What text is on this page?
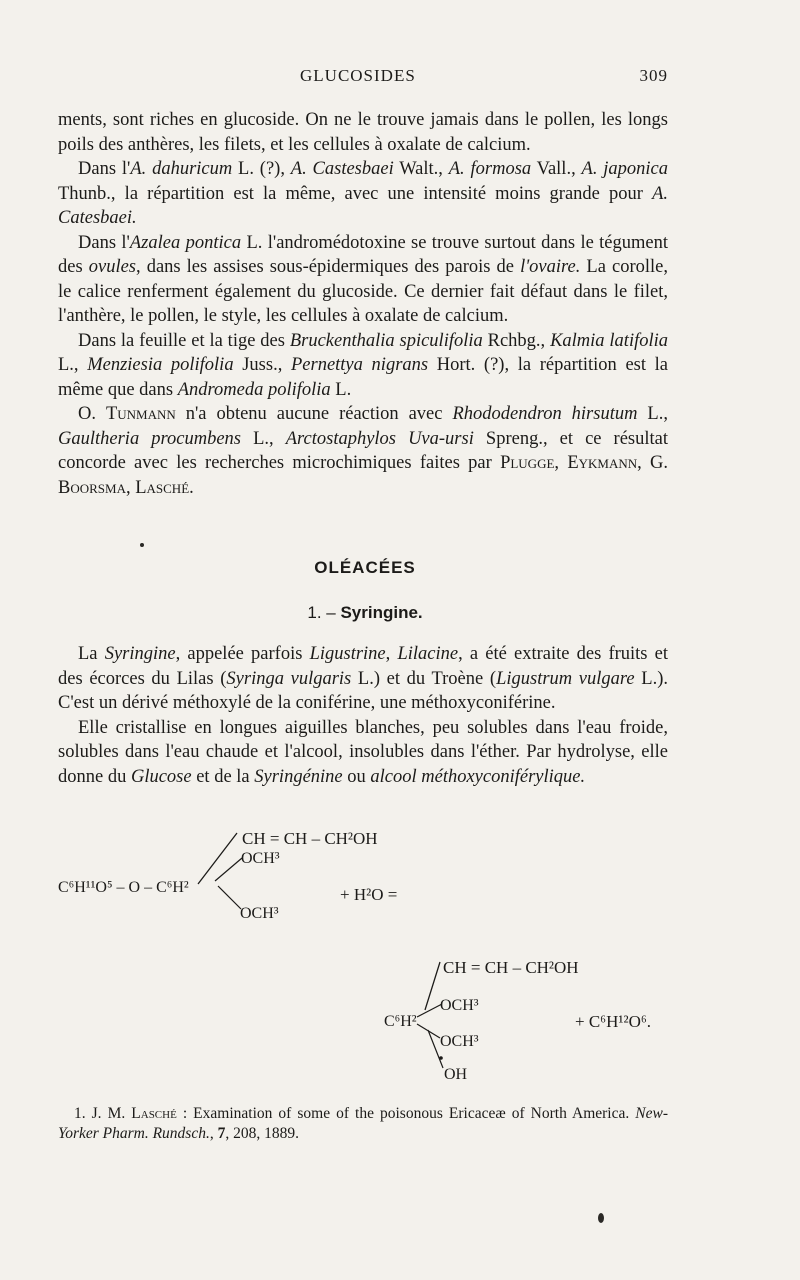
GLUCOSIDES	309

ments, sont riches en glucoside. On ne le trouve jamais dans le pollen, les longs poils des anthères, les filets, et les cellules à oxalate de calcium.

Dans l'A. dahuricum L. (?), A. Castesbaei Walt., A. formosa Vall., A. japonica Thunb., la répartition est la même, avec une intensité moins grande pour A. Catesbaei.

Dans l'Azalea pontica L. l'andromédotoxine se trouve surtout dans le tégument des ovules, dans les assises sous-épidermiques des parois de l'ovaire. La corolle, le calice renferment également du glucoside. Ce dernier fait défaut dans le filet, l'anthère, le pollen, le style, les cellules à oxalate de calcium.

Dans la feuille et la tige des Bruckenthalia spiculifolia Rchbg., Kalmia latifolia L., Menziesia polifolia Juss., Pernettya nigrans Hort. (?), la répartition est la même que dans Andromeda polifolia L.

O. Tunmann n'a obtenu aucune réaction avec Rhododendron hirsutum L., Gaultheria procumbens L., Arctostaphylos Uva-ursi Spreng., et ce résultat concorde avec les recherches microchimiques faites par Plugge, Eykmann, G. Boorsma, Lasché.

OLÉACÉES
1. – Syringine.

La Syringine, appelée parfois Ligustrine, Lilacine, a été extraite des fruits et des écorces du Lilas (Syringa vulgaris L.) et du Troène (Ligustrum vulgare L.). C'est un dérivé méthoxylé de la coniférine, une méthoxyconiférine.

Elle cristallise en longues aiguilles blanches, peu solubles dans l'eau froide, solubles dans l'eau chaude et l'alcool, insolubles dans l'éther. Par hydrolyse, elle donne du Glucose et de la Syringénine ou alcool méthoxyconiférylique.

CH = CH – CH²OH
OCH³
C⁶H¹¹O⁵ – O – C⁶H²
OCH³
+ H²O =
CH = CH – CH²OH
OCH³
C⁶H²
OCH³
OH
+ C⁶H¹²O⁶.

1. J. M. Lasché : Examination of some of the poisonous Ericaceæ of North America. New-Yorker Pharm. Rundsch., 7, 208, 1889.
